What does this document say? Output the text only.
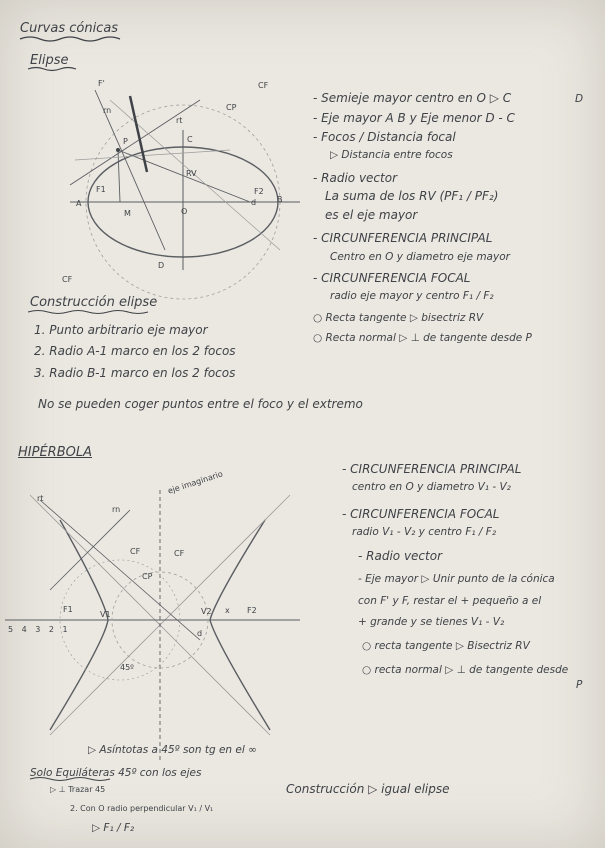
Curvas cónicas
Elipse
F'
rn
rt
CP
CF
C
P
RV
A	B
d
F1	F2
M	O
D
CF
- Semieje mayor centro en O ▷ C	D
- Eje mayor A B y Eje menor D - C
- Focos / Distancia focal
▷ Distancia entre focos
- Radio vector
La suma de los RV (PF₁ / PF₂)
es el eje mayor
- CIRCUNFERENCIA PRINCIPAL
Centro en O y diametro eje mayor
- CIRCUNFERENCIA FOCAL
radio eje mayor y centro F₁ / F₂
○ Recta tangente ▷ bisectriz RV
○ Recta normal ▷ ⊥ de tangente desde P
Construcción elipse
1. Punto arbitrario eje mayor
2. Radio A-1 marco en los 2 focos
3. Radio B-1 marco en los 2 focos
No se pueden coger puntos entre el foco y el extremo
HIPÉRBOLA
eje imaginario
rt
rn
CF	CF
CP
F1
V1	V2 x F2
d
45º
5 4 3 2 1
- CIRCUNFERENCIA PRINCIPAL
centro en O y diametro V₁ - V₂
- CIRCUNFERENCIA FOCAL
radio V₁ - V₂ y centro F₁ / F₂
- Radio vector
- Eje mayor ▷ Unir punto de la cónica
con F' y F, restar el + pequeño a el
+ grande y se tienes V₁ - V₂
○ recta tangente ▷ Bisectriz RV
○ recta normal ▷ ⊥ de tangente desde
P
▷ Asíntotas a 45º son tg en el ∞
Solo Equiláteras 45º con los ejes
▷ ⊥ Trazar 45
2. Con O radio perpendicular V₁ / V₁
▷ F₁ / F₂
Construcción ▷ igual elipse
